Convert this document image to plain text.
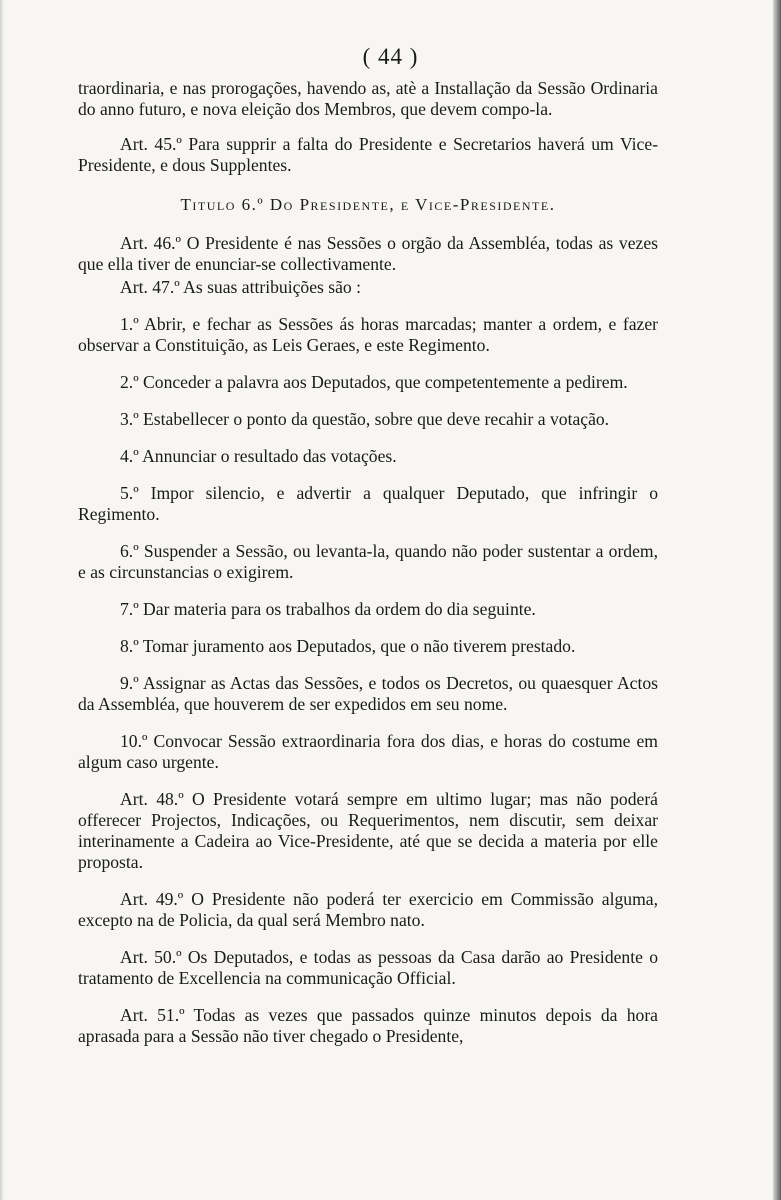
( 44 )

traordinaria, e nas prorogações, havendo as, atè a Installação da Sessão Ordinaria do anno futuro, e nova eleição dos Membros, que devem compo-la.

Art. 45.º Para supprir a falta do Presidente e Secretarios haverá um Vice-Presidente, e dous Supplentes.

Titulo 6.º Do Presidente, e Vice-Presidente.

Art. 46.º O Presidente é nas Sessões o orgão da Assembléa, todas as vezes que ella tiver de enunciar-se collectivamente.

Art. 47.º As suas attribuições são :

1.º Abrir, e fechar as Sessões ás horas marcadas; manter a ordem, e fazer observar a Constituição, as Leis Geraes, e este Regimento.

2.º Conceder a palavra aos Deputados, que competentemente a pedirem.

3.º Estabellecer o ponto da questão, sobre que deve recahir a votação.

4.º Annunciar o resultado das votações.

5.º Impor silencio, e advertir a qualquer Deputado, que infringir o Regimento.

6.º Suspender a Sessão, ou levanta-la, quando não poder sustentar a ordem, e as circunstancias o exigirem.

7.º Dar materia para os trabalhos da ordem do dia seguinte.

8.º Tomar juramento aos Deputados, que o não tiverem prestado.

9.º Assignar as Actas das Sessões, e todos os Decretos, ou quaesquer Actos da Assembléa, que houverem de ser expedidos em seu nome.

10.º Convocar Sessão extraordinaria fora dos dias, e horas do costume em algum caso urgente.

Art. 48.º O Presidente votará sempre em ultimo lugar; mas não poderá offerecer Projectos, Indicações, ou Requerimentos, nem discutir, sem deixar interinamente a Cadeira ao Vice-Presidente, até que se decida a materia por elle proposta.

Art. 49.º O Presidente não poderá ter exercicio em Commissão alguma, excepto na de Policia, da qual será Membro nato.

Art. 50.º Os Deputados, e todas as pessoas da Casa darão ao Presidente o tratamento de Excellencia na communicação Official.

Art. 51.º Todas as vezes que passados quinze minutos depois da hora aprasada para a Sessão não tiver chegado o Presidente,
